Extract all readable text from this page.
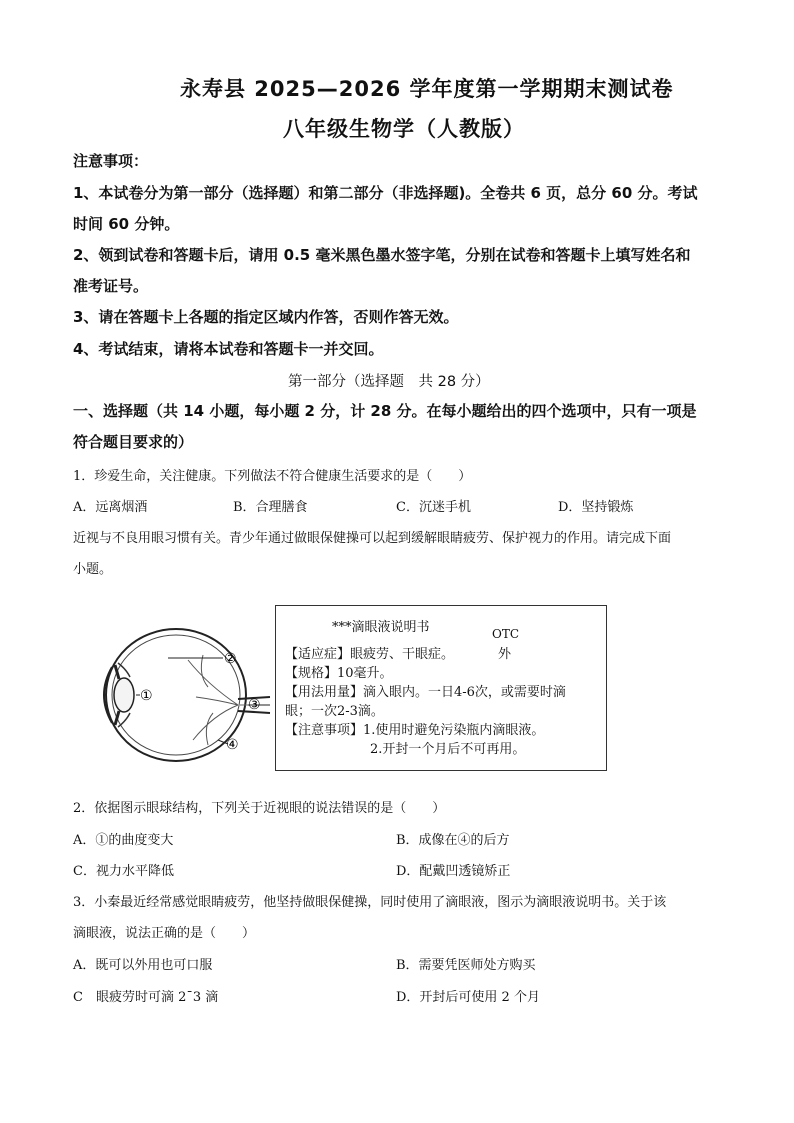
永寿县 2025—2026 学年度第一学期期末测试卷
八年级生物学（人教版）
注意事项：
1、本试卷分为第一部分（选择题）和第二部分（非选择题)。全卷共 6 页，总分 60 分。考试
时间 60 分钟。
2、领到试卷和答题卡后，请用 0.5 毫米黑色墨水签字笔，分别在试卷和答题卡上填写姓名和
准考证号。
3、请在答题卡上各题的指定区域内作答，否则作答无效。
4、考试结束，请将本试卷和答题卡一并交回。
第一部分（选择题　共 28 分）
一、选择题（共 14 小题，每小题 2 分，计 28 分。在每小题给出的四个选项中，只有一项是
符合题目要求的）
1．珍爱生命，关注健康。下列做法不符合健康生活要求的是（　　）
A．远离烟酒	B．合理膳食	C．沉迷手机	D．坚持锻炼
近视与不良用眼习惯有关。青少年通过做眼保健操可以起到缓解眼睛疲劳、保护视力的作用。请完成下面
小题。
①
②
③
④
***滴眼液说明书	OTC
外
【适应症】眼疲劳、干眼症。
【规格】10毫升。
【用法用量】滴入眼内。一日4-6次，或需要时滴
眼；一次2-3滴。
【注意事项】1.使用时避免污染瓶内滴眼液。
2.开封一个月后不可再用。
2．依据图示眼球结构，下列关于近视眼的说法错误的是（　　）
A．①的曲度变大	B．成像在④的后方
C．视力水平降低	D．配戴凹透镜矫正
3．小秦最近经常感觉眼睛疲劳，他坚持做眼保健操，同时使用了滴眼液，图示为滴眼液说明书。关于该
滴眼液，说法正确的是（　　）
A．既可以外用也可口服	B．需要凭医师处方购买
C　眼疲劳时可滴 2¯3 滴	D．开封后可使用 2 个月
